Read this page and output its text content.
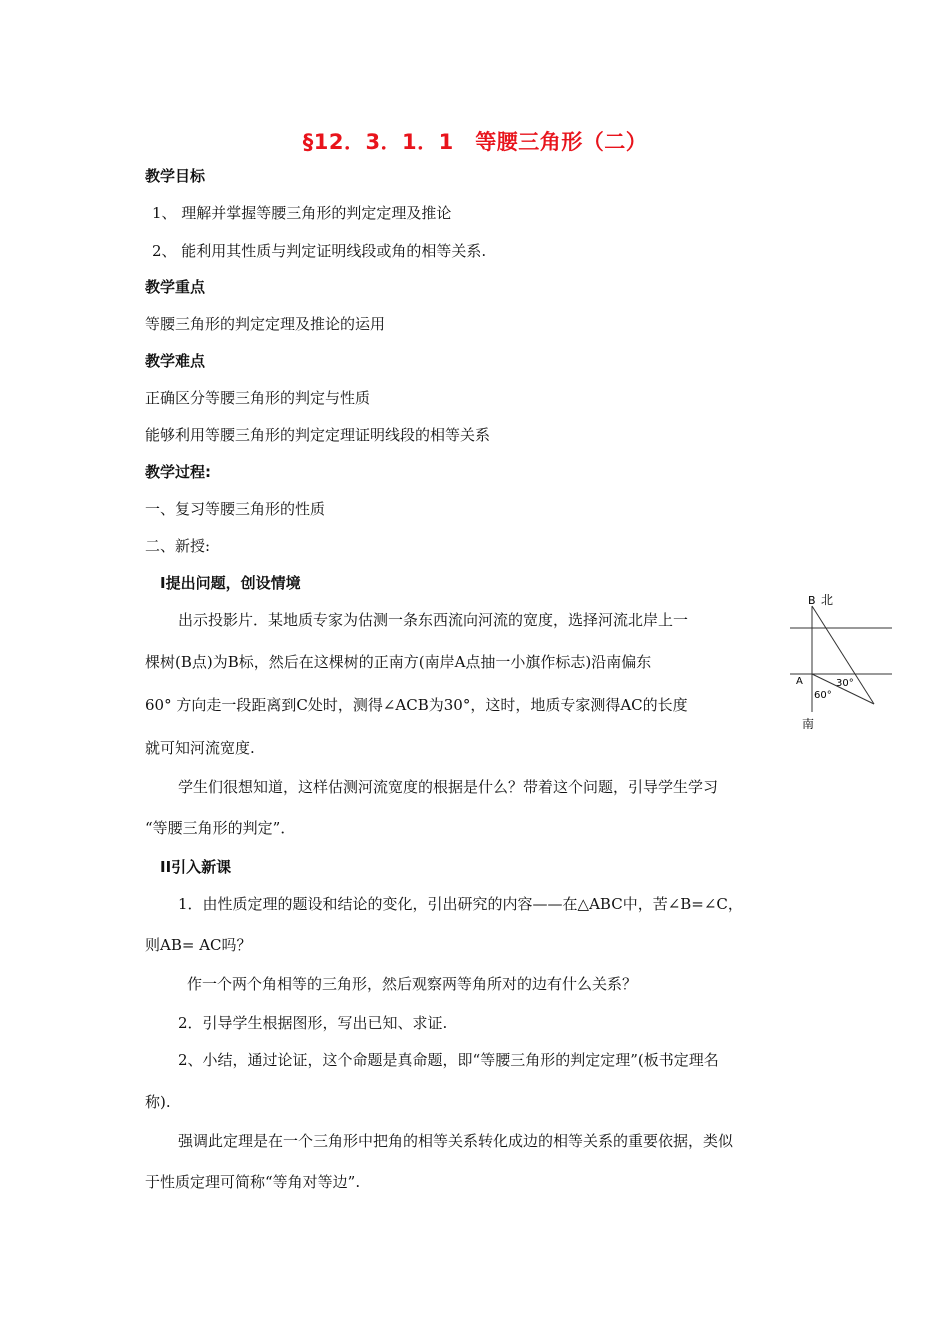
§12．3．1．1　等腰三角形（二）
教学目标
1、 理解并掌握等腰三角形的判定定理及推论
2、 能利用其性质与判定证明线段或角的相等关系.
教学重点
等腰三角形的判定定理及推论的运用
教学难点
正确区分等腰三角形的判定与性质
能够利用等腰三角形的判定定理证明线段的相等关系
教学过程:
一、复习等腰三角形的性质
二、新授:
I提出问题，创设情境
出示投影片．某地质专家为估测一条东西流向河流的宽度，选择河流北岸上一
棵树(B点)为B标，然后在这棵树的正南方(南岸A点抽一小旗作标志)沿南偏东
60° 方向走一段距离到C处时，测得∠ACB为30°，这时，地质专家测得AC的长度
就可知河流宽度.
学生们很想知道，这样估测河流宽度的根据是什么？带着这个问题，引导学生学习
“等腰三角形的判定”．
II引入新课
1．由性质定理的题设和结论的变化，引出研究的内容——在△ABC中，苦∠B=∠C，
则AB= AC吗？
作一个两个角相等的三角形，然后观察两等角所对的边有什么关系？
2．引导学生根据图形，写出已知、求证.
2、小结，通过论证，这个命题是真命题，即“等腰三角形的判定定理”(板书定理名
称).
强调此定理是在一个三角形中把角的相等关系转化成边的相等关系的重要依据，类似
于性质定理可简称“等角对等边”.
B 北
A
南
30°
60°
